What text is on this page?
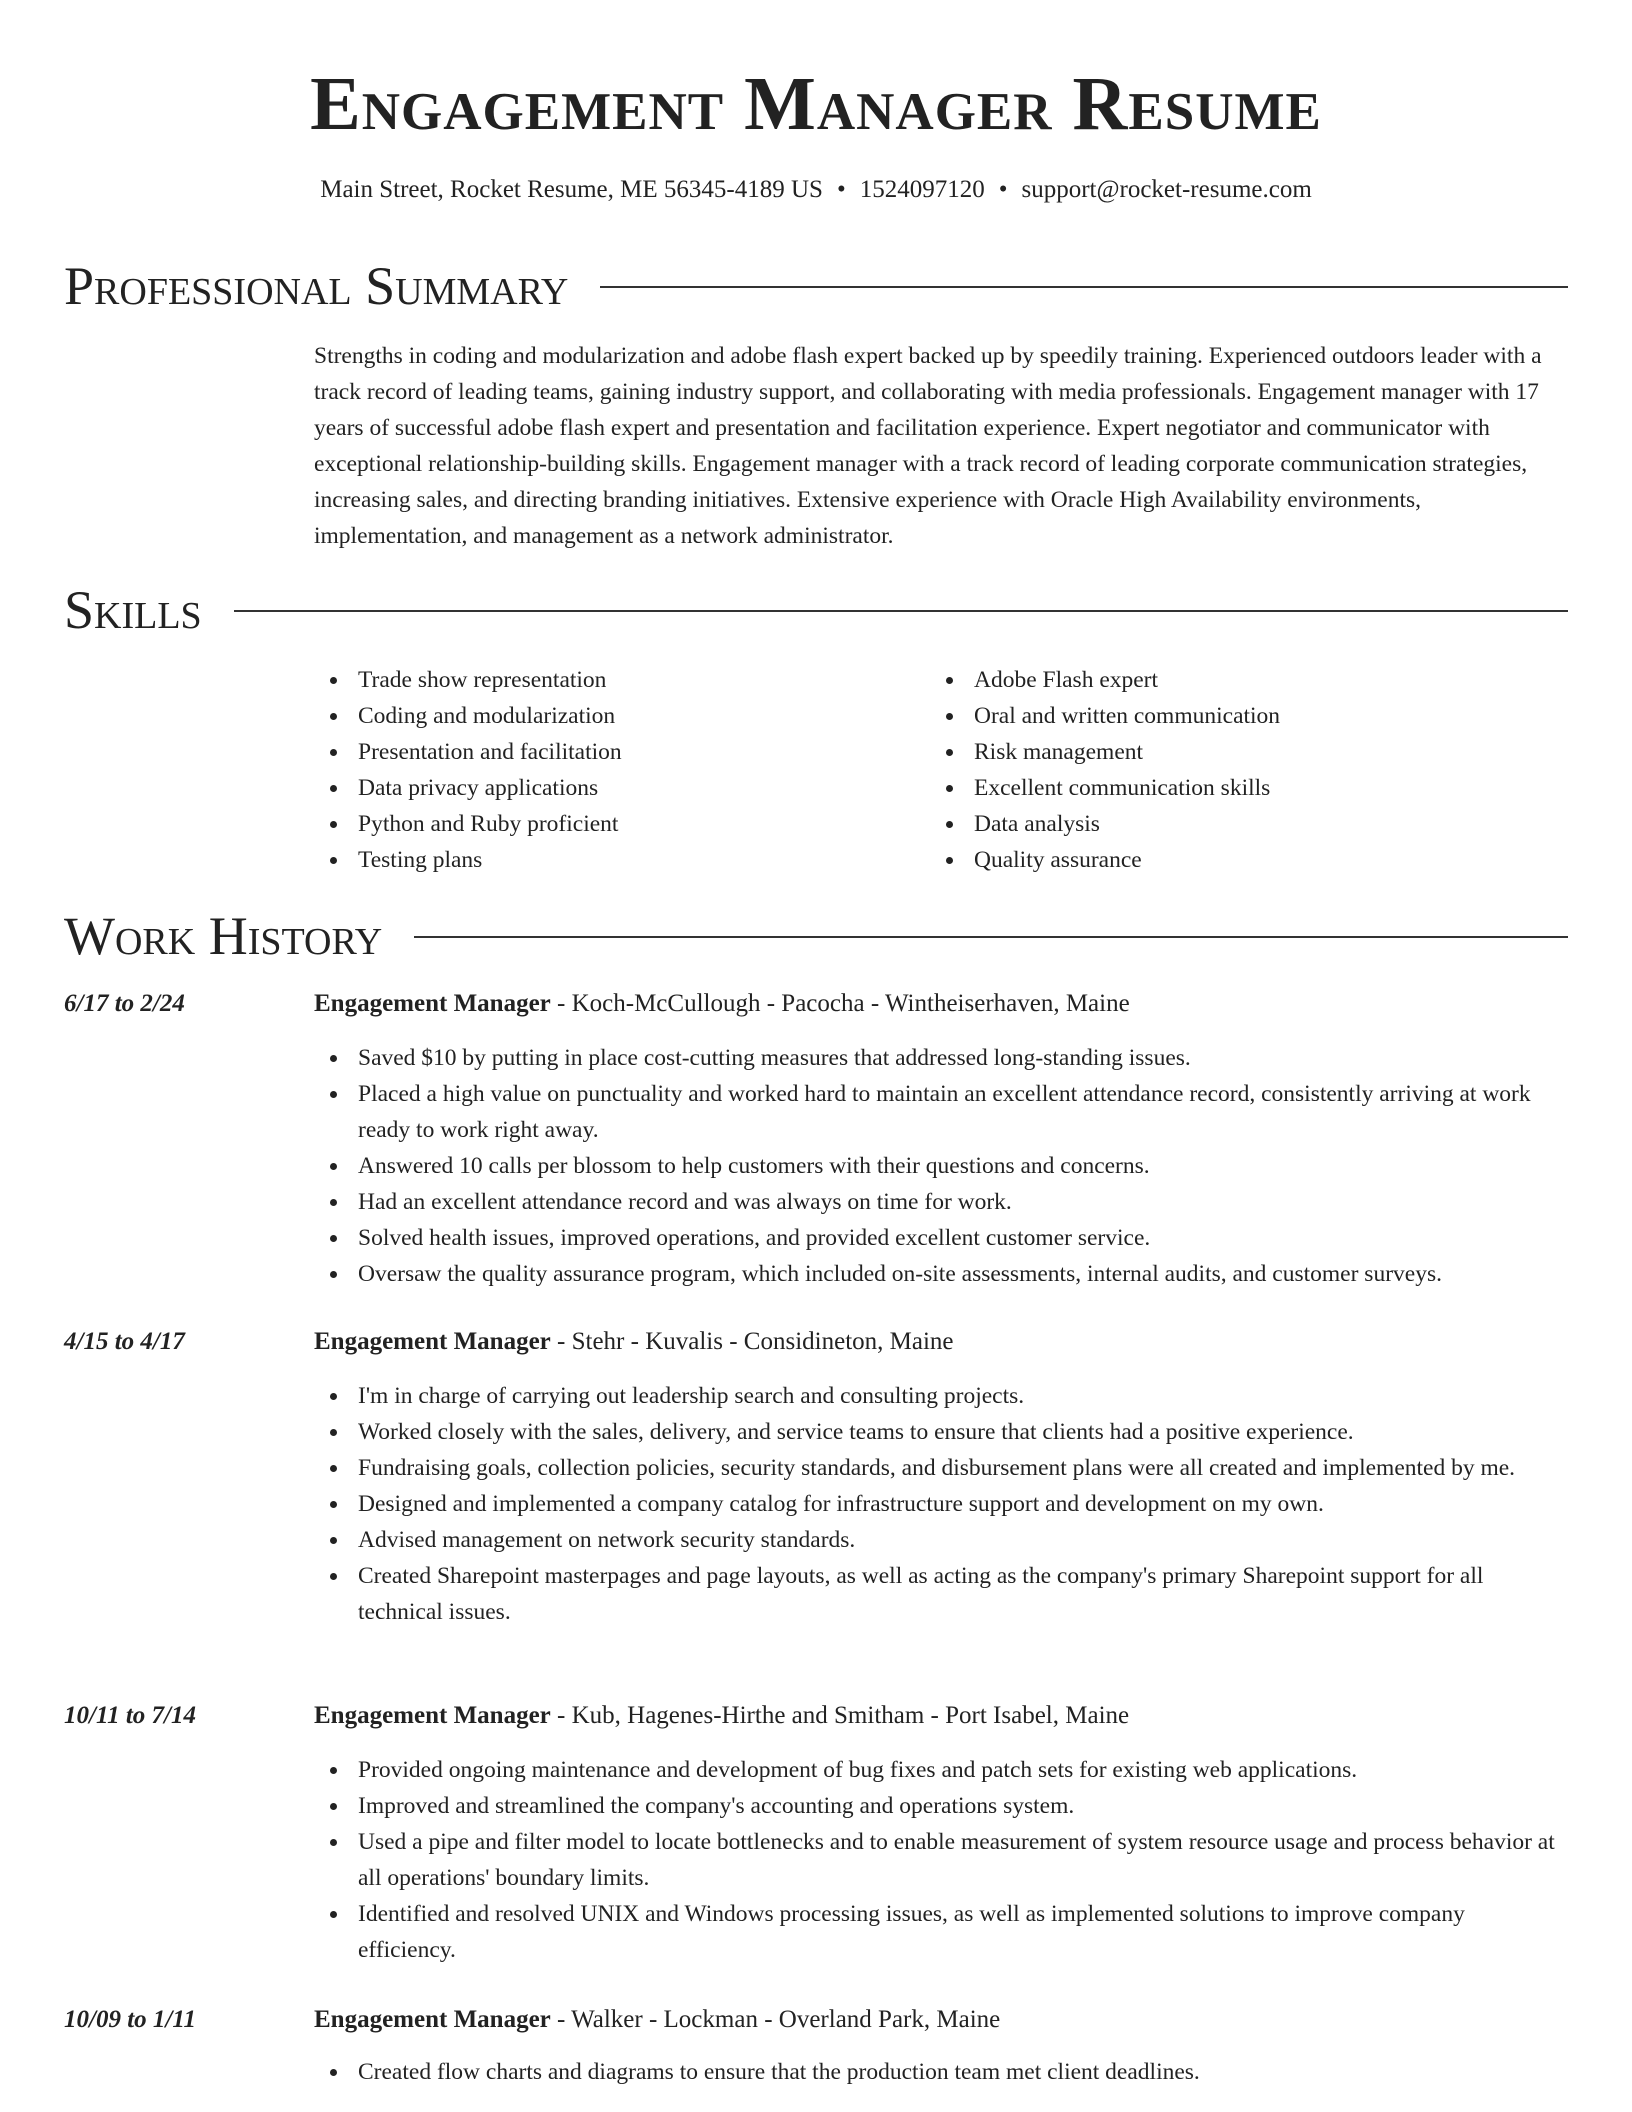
Engagement Manager Resume
Main Street, Rocket Resume, ME 56345-4189 US • 1524097120 • support@rocket-resume.com
Professional Summary

Strengths in coding and modularization and adobe flash expert backed up by speedily training. Experienced outdoors leader with a track record of leading teams, gaining industry support, and collaborating with media professionals. Engagement manager with 17 years of successful adobe flash expert and presentation and facilitation experience. Expert negotiator and communicator with exceptional relationship-building skills. Engagement manager with a track record of leading corporate communication strategies, increasing sales, and directing branding initiatives. Extensive experience with Oracle High Availability environments, implementation, and management as a network administrator.

Skills
Trade show representation
Coding and modularization
Presentation and facilitation
Data privacy applications
Python and Ruby proficient
Testing plans
Adobe Flash expert
Oral and written communication
Risk management
Excellent communication skills
Data analysis
Quality assurance
Work History
6/17 to 2/24	Engagement Manager - Koch-McCullough - Pacocha - Wintheiserhaven, Maine
Saved $10 by putting in place cost-cutting measures that addressed long-standing issues.
Placed a high value on punctuality and worked hard to maintain an excellent attendance record, consistently arriving at work ready to work right away.
Answered 10 calls per blossom to help customers with their questions and concerns.
Had an excellent attendance record and was always on time for work.
Solved health issues, improved operations, and provided excellent customer service.
Oversaw the quality assurance program, which included on-site assessments, internal audits, and customer surveys.
4/15 to 4/17	Engagement Manager - Stehr - Kuvalis - Considineton, Maine
I'm in charge of carrying out leadership search and consulting projects.
Worked closely with the sales, delivery, and service teams to ensure that clients had a positive experience.
Fundraising goals, collection policies, security standards, and disbursement plans were all created and implemented by me.
Designed and implemented a company catalog for infrastructure support and development on my own.
Advised management on network security standards.
Created Sharepoint masterpages and page layouts, as well as acting as the company's primary Sharepoint support for all technical issues.
10/11 to 7/14	Engagement Manager - Kub, Hagenes-Hirthe and Smitham - Port Isabel, Maine
Provided ongoing maintenance and development of bug fixes and patch sets for existing web applications.
Improved and streamlined the company's accounting and operations system.
Used a pipe and filter model to locate bottlenecks and to enable measurement of system resource usage and process behavior at all operations' boundary limits.
Identified and resolved UNIX and Windows processing issues, as well as implemented solutions to improve company efficiency.
10/09 to 1/11	Engagement Manager - Walker - Lockman - Overland Park, Maine
Created flow charts and diagrams to ensure that the production team met client deadlines.
